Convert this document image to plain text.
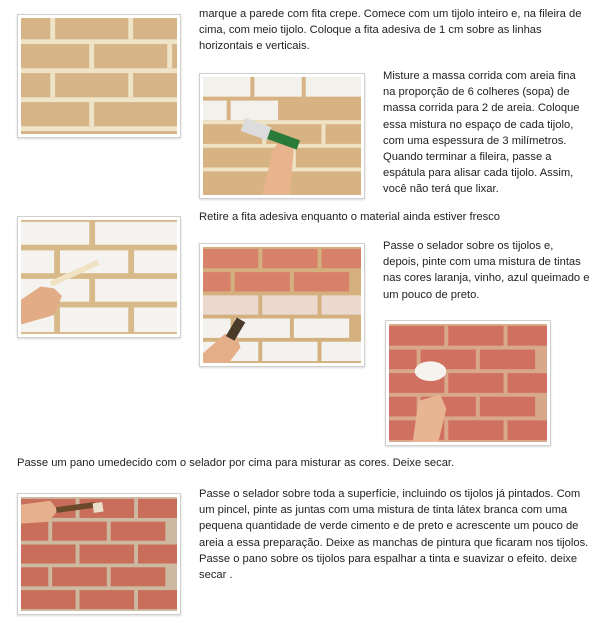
marque a parede com fita crepe. Comece com um tijolo inteiro e, na fileira de cima, com meio tijolo. Coloque a fita adesiva de 1 cm sobre as linhas horizontais e verticais.
Misture a massa corrida com areia fina na proporção de 6 colheres (sopa) de massa corrida para 2 de areia. Coloque essa mistura no espaço de cada tijolo, com uma espessura de 3 milímetros. Quando terminar a fileira, passe a espátula para alisar cada tijolo. Assim, você não terá que lixar.
Retire a fita adesiva enquanto o material ainda estiver fresco
Passe o selador sobre os tijolos e, depois, pinte com uma mistura de tintas nas cores laranja, vinho, azul queimado e um pouco de preto.
Passe um pano umedecido com o selador por cima para misturar as cores. Deixe secar.
Passe o selador sobre toda a superfície, incluindo os tijolos já pintados. Com um pincel, pinte as juntas com uma mistura de tinta látex branca com uma pequena quantidade de verde cimento e de preto e acrescente um pouco de areia a essa preparação. Deixe as manchas de pintura que ficaram nos tijolos. Passe o pano sobre os tijolos para espalhar a tinta e suavizar o efeito. deixe secar .
